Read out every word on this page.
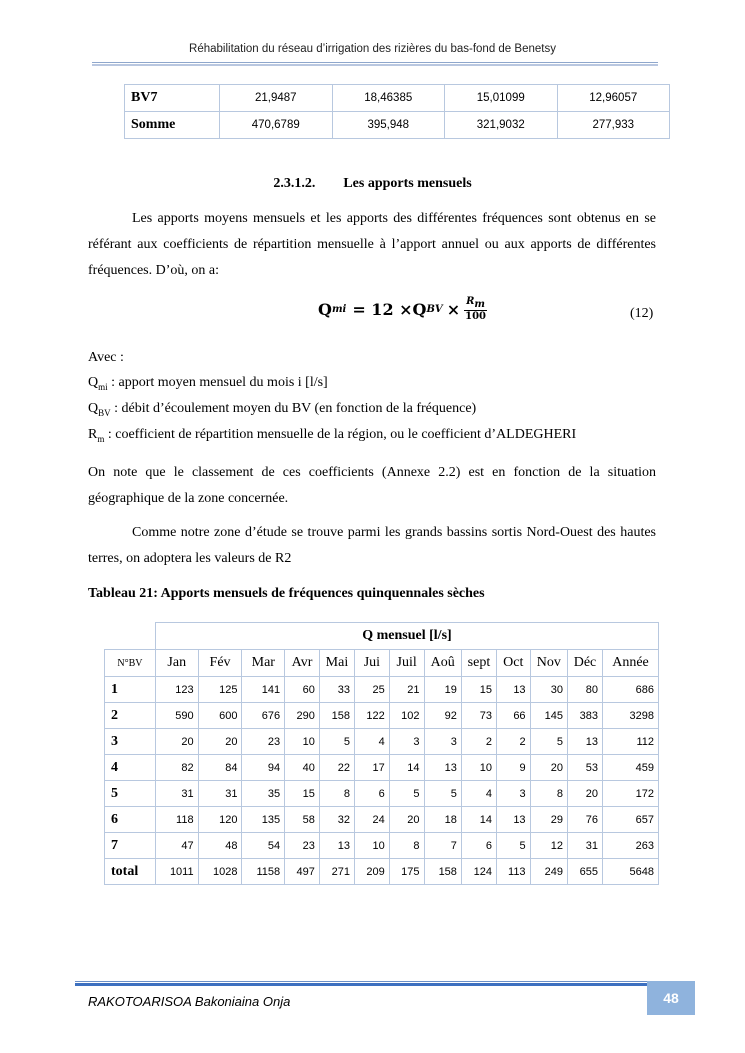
Réhabilitation du réseau d’irrigation des rizières du bas-fond de Benetsy
BV7	21,9487	18,46385	15,01099	12,96057
Somme	470,6789	395,948	321,9032	277,933
2.3.1.2. Les apports mensuels
Les apports moyens mensuels et les apports des différentes fréquences sont obtenus en se référant aux coefficients de répartition mensuelle à l’apport annuel ou aux apports de différentes fréquences. D’où, on a:
Q mi = 12 ×Q BV × $\frac{R_m}{100}$	(12)
Avec :
$Q_{mi}$ : apport moyen mensuel du mois i [l/s]
$Q_{BV}$ : débit d’écoulement moyen du BV (en fonction de la fréquence)
$R_m$ : coefficient de répartition mensuelle de la région, ou le coefficient d’ALDEGHERI
On note que le classement de ces coefficients (Annexe 2.2) est en fonction de la situation géographique de la zone concernée.
Comme notre zone d’étude se trouve parmi les grands bassins sortis Nord-Ouest des hautes terres, on adoptera les valeurs de R2
Tableau 21: Apports mensuels de fréquences quinquennales sèches
	Q mensuel [l/s]												
N°BV	Jan	Fév	Mar	Avr	Mai	Jui	Juil	Aoû	sept	Oct	Nov	Déc	Année
1	123	125	141	60	33	25	21	19	15	13	30	80	686
2	590	600	676	290	158	122	102	92	73	66	145	383	3298
3	20	20	23	10	5	4	3	3	2	2	5	13	112
4	82	84	94	40	22	17	14	13	10	9	20	53	459
5	31	31	35	15	8	6	5	5	4	3	8	20	172
6	118	120	135	58	32	24	20	18	14	13	29	76	657
7	47	48	54	23	13	10	8	7	6	5	12	31	263
total	1011	1028	1158	497	271	209	175	158	124	113	249	655	5648
48
RAKOTOARISOA Bakoniaina Onja
